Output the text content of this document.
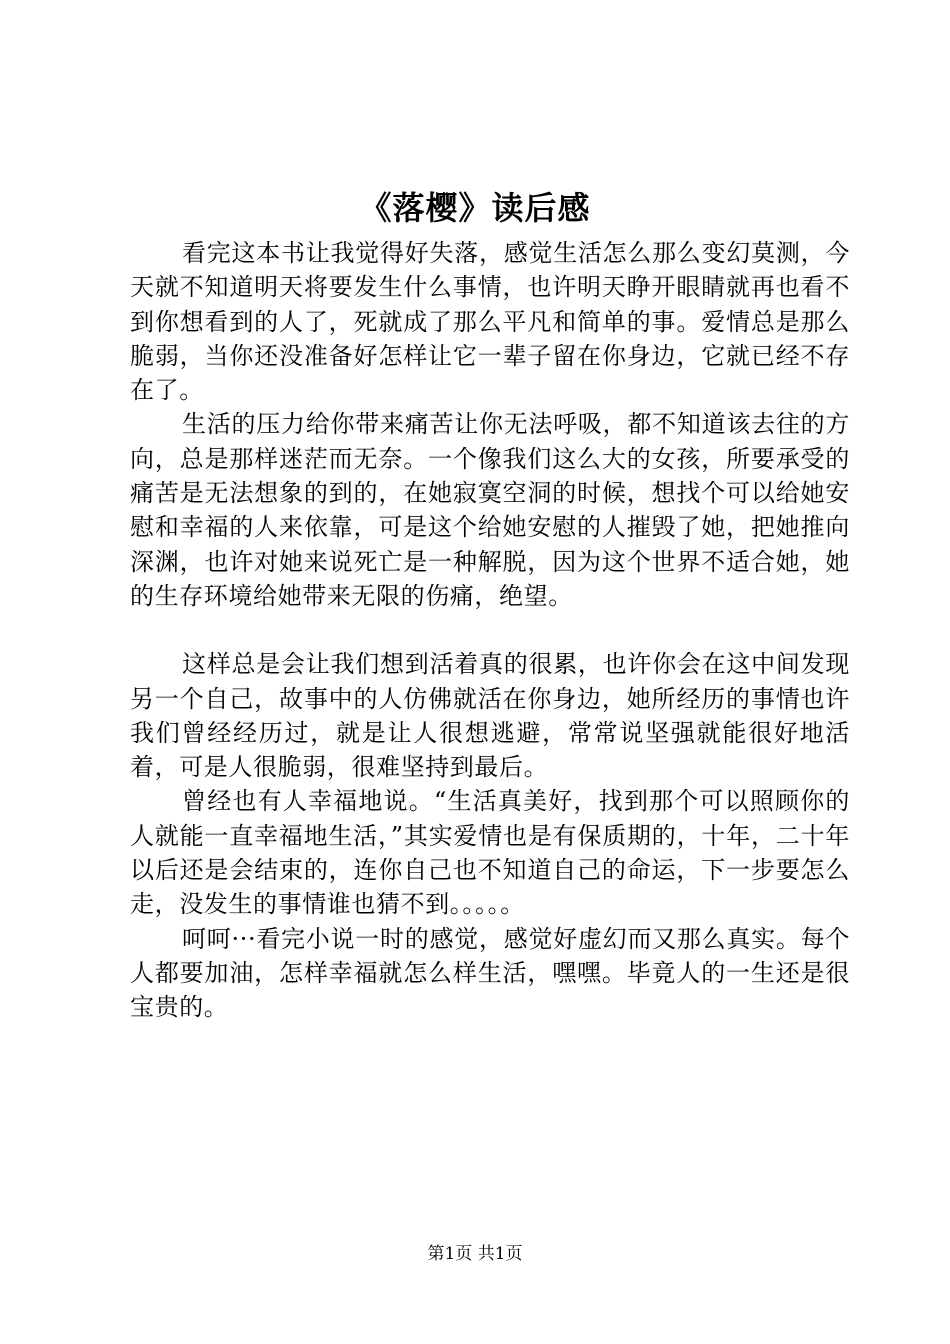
《落樱》读后感

看完这本书让我觉得好失落，感觉生活怎么那么变幻莫测，今天就不知道明天将要发生什么事情，也许明天睁开眼睛就再也看不到你想看到的人了，死就成了那么平凡和简单的事。爱情总是那么脆弱，当你还没准备好怎样让它一辈子留在你身边，它就已经不存在了。

生活的压力给你带来痛苦让你无法呼吸，都不知道该去往的方向，总是那样迷茫而无奈。一个像我们这么大的女孩，所要承受的痛苦是无法想象的到的，在她寂寞空洞的时候，想找个可以给她安慰和幸福的人来依靠，可是这个给她安慰的人摧毁了她，把她推向深渊，也许对她来说死亡是一种解脱，因为这个世界不适合她，她的生存环境给她带来无限的伤痛，绝望。

这样总是会让我们想到活着真的很累，也许你会在这中间发现另一个自己，故事中的人仿佛就活在你身边，她所经历的事情也许我们曾经经历过，就是让人很想逃避，常常说坚强就能很好地活着，可是人很脆弱，很难坚持到最后。

曾经也有人幸福地说。“生活真美好，找到那个可以照顾你的人就能一直幸福地生活，”其实爱情也是有保质期的，十年，二十年以后还是会结束的，连你自己也不知道自己的命运，下一步要怎么走，没发生的事情谁也猜不到。。。。。

呵呵···看完小说一时的感觉，感觉好虚幻而又那么真实。每个人都要加油，怎样幸福就怎么样生活，嘿嘿。毕竟人的一生还是很宝贵的。

第1页 共1页
